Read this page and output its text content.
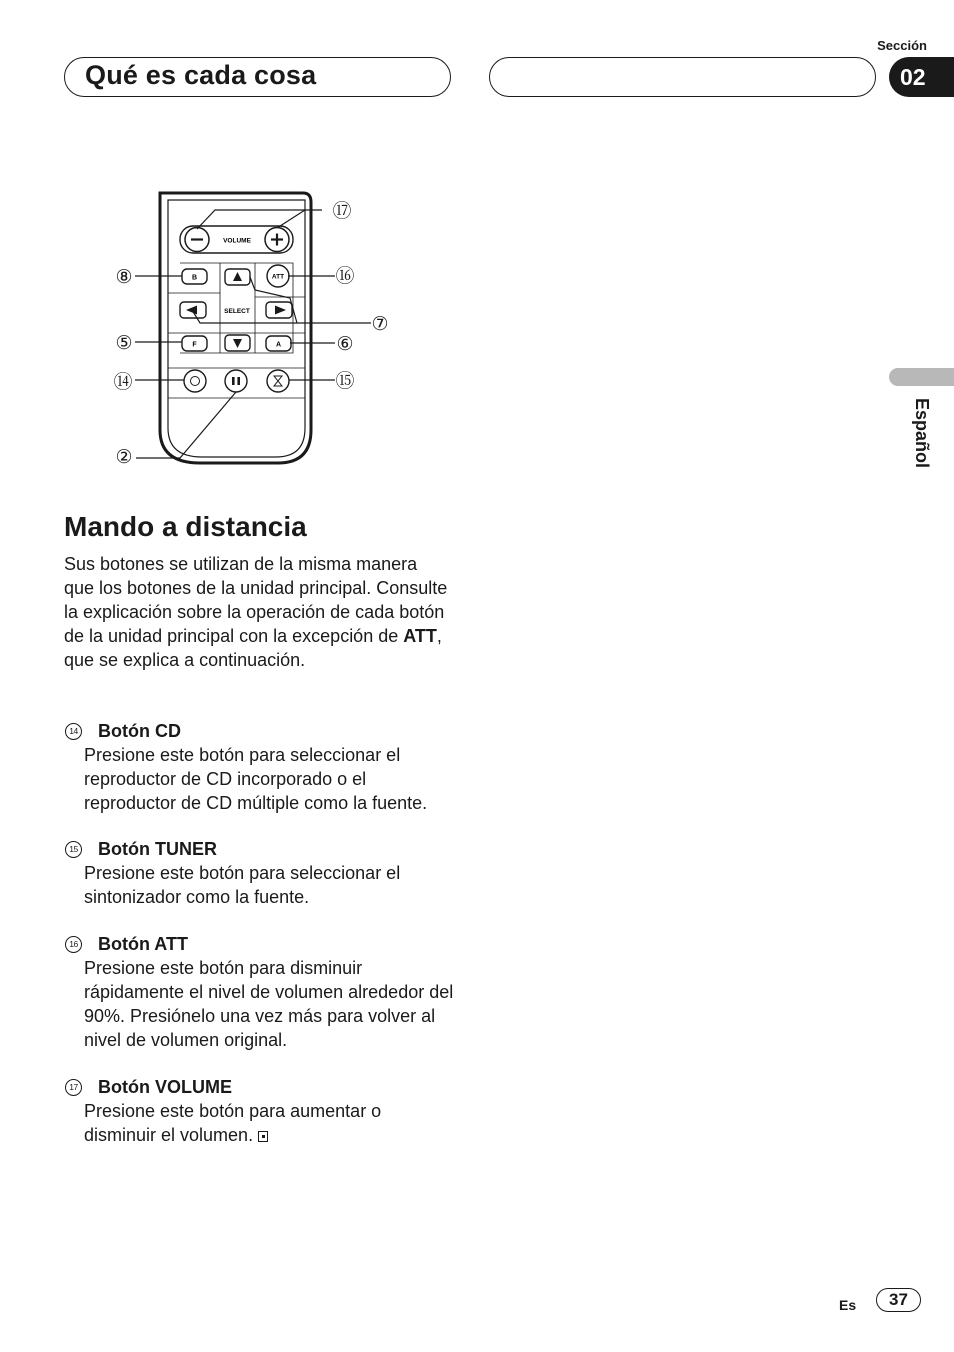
Qué es cada cosa
Sección
02
Español
VOLUME
B	ATT
SELECT
F	A
⑰
⑯
⑧
⑦
⑤	⑥
⑭	⑮
②
Mando a distancia

Sus botones se utilizan de la misma manera que los botones de la unidad principal. Consulte la explicación sobre la operación de cada botón de la unidad principal con la excepción de ATT, que se explica a continuación.

14 Botón CD

Presione este botón para seleccionar el reproductor de CD incorporado o el reproductor de CD múltiple como la fuente.

15 Botón TUNER

Presione este botón para seleccionar el sintonizador como la fuente.

16 Botón ATT

Presione este botón para disminuir rápidamente el nivel de volumen alrededor del 90%. Presiónelo una vez más para volver al nivel de volumen original.

17 Botón VOLUME

Presione este botón para aumentar o disminuir el volumen.

Es	37
